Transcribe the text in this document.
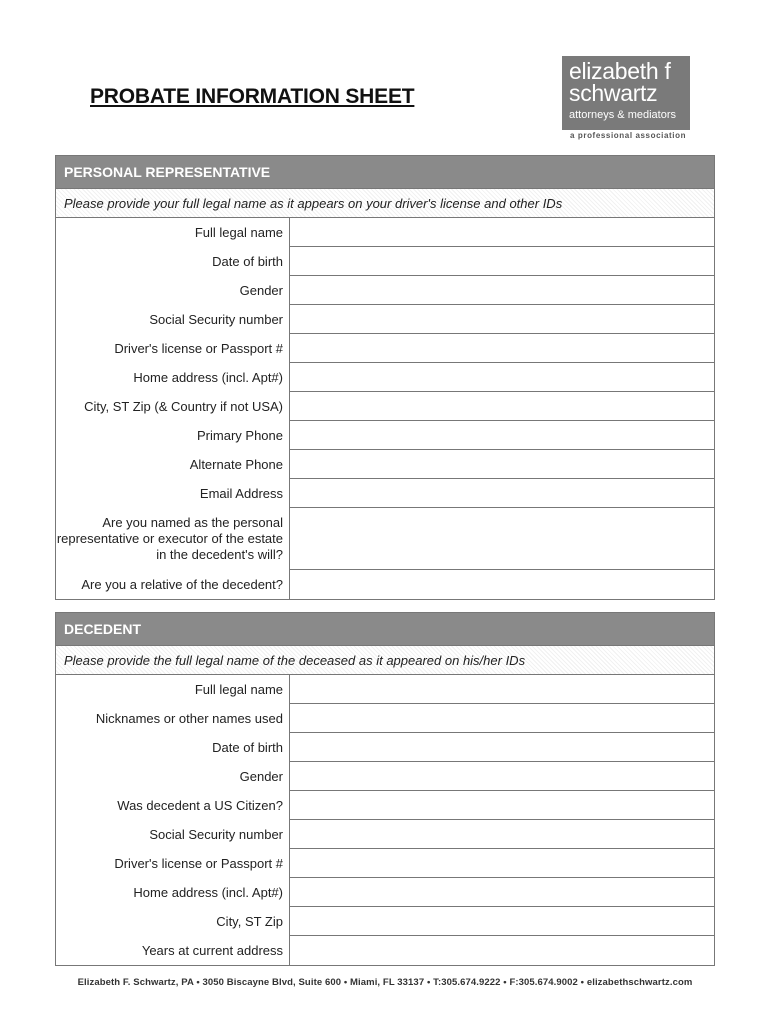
PROBATE INFORMATION SHEET
elizabeth f
schwartz
attorneys & mediators
a professional association
PERSONAL REPRESENTATIVE
Please provide your full legal name as it appears on your driver's license and other IDs
Full legal name
Date of birth
Gender
Social Security number
Driver's license or Passport #
Home address (incl. Apt#)
City, ST Zip (& Country if not USA)
Primary Phone
Alternate Phone
Email Address
Are you named as the personal representative or executor of the estate in the decedent's will?
Are you a relative of the decedent?
DECEDENT
Please provide the full legal name of the deceased as it appeared on his/her IDs
Full legal name
Nicknames or other names used
Date of birth
Gender
Was decedent a US Citizen?
Social Security number
Driver's license or Passport #
Home address (incl. Apt#)
City, ST Zip
Years at current address
Elizabeth F. Schwartz, PA • 3050 Biscayne Blvd, Suite 600 • Miami, FL 33137 • T:305.674.9222 • F:305.674.9002 • elizabethschwartz.com
